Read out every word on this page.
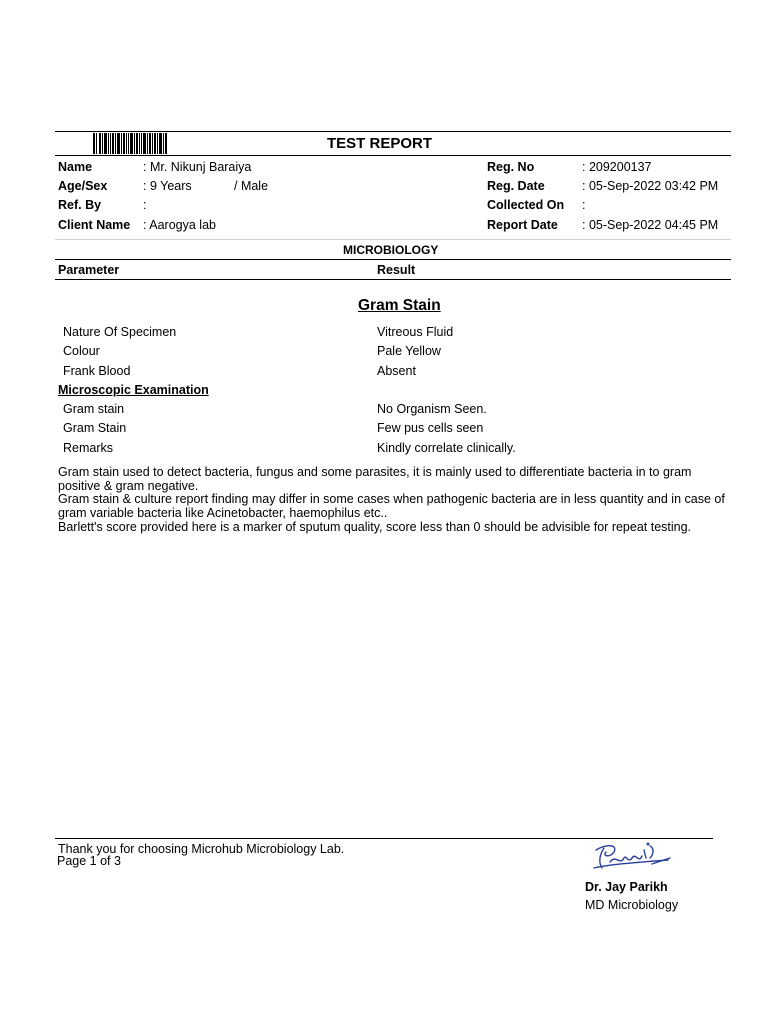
TEST REPORT
Name	: Mr. Nikunj Baraiya
Age/Sex	: 9 Years	/ Male
Ref. By	:
Client Name : Aarogya lab
Reg. No	: 209200137
Reg. Date	: 05-Sep-2022 03:42 PM
Collected On :
Report Date : 05-Sep-2022 04:45 PM
MICROBIOLOGY
Parameter	Result
Gram Stain
Nature Of Specimen	Vitreous Fluid
Colour	Pale Yellow
Frank Blood	Absent
Microscopic Examination
Gram stain	No Organism Seen.
Gram Stain	Few pus cells seen
Remarks	Kindly correlate clinically.
Gram stain used to detect bacteria, fungus and some parasites, it is mainly used to differentiate bacteria in to gram positive & gram negative.
Gram stain & culture report finding may differ in some cases when pathogenic bacteria are in less quantity and in case of gram variable bacteria like Acinetobacter, haemophilus etc..
Barlett's score provided here is a marker of sputum quality, score less than 0 should be advisible for repeat testing.
Thank you for choosing Microhub Microbiology Lab.
Page 1 of 3
Dr. Jay Parikh
MD Microbiology
